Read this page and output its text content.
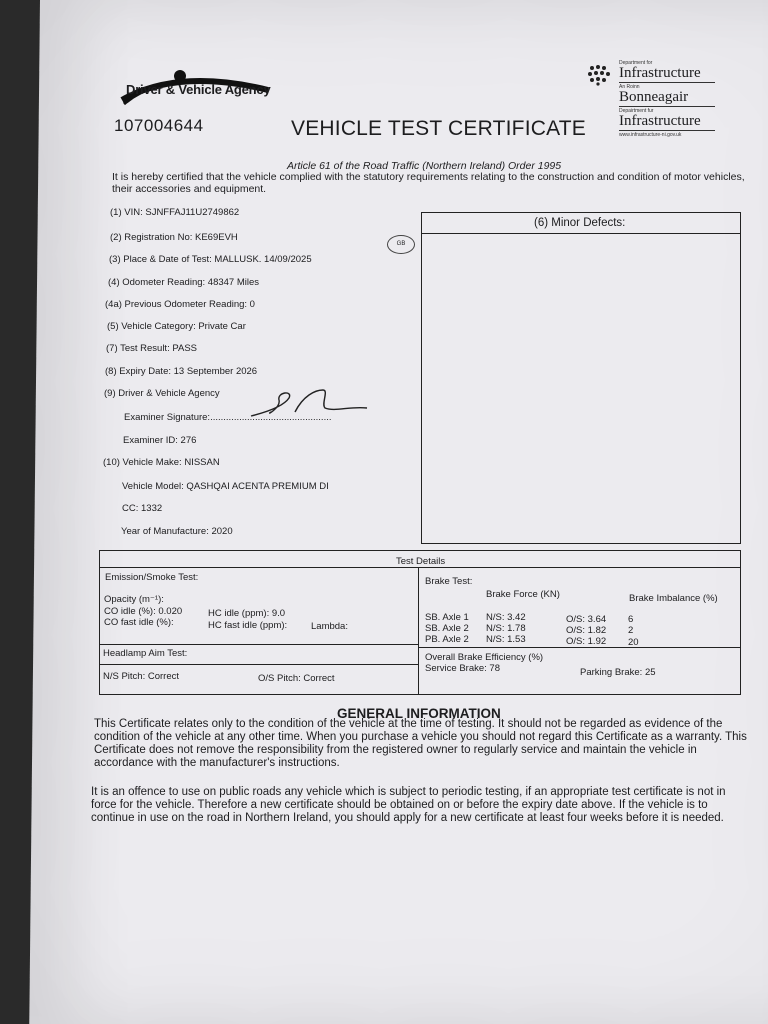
Driver & Vehicle Agency
107004644	VEHICLE TEST CERTIFICATE
Department for
Infrastructure
An Roinn
Bonneagair
Depairtment fur
Infrastructure
www.infrastructure-ni.gov.uk
Article 61 of the Road Traffic (Northern Ireland) Order 1995
It is hereby certified that the vehicle complied with the statutory requirements relating to the construction and condition of motor vehicles, their accessories and equipment.
(1) VIN: SJNFFAJ11U2749862
(2) Registration No: KE69EVH
(3) Place & Date of Test: MALLUSK. 14/09/2025
(4) Odometer Reading: 48347 Miles
(4a) Previous Odometer Reading: 0
(5) Vehicle Category: Private Car
(7) Test Result: PASS
(8) Expiry Date: 13 September 2026
(9) Driver & Vehicle Agency
Examiner Signature:..............................................
Examiner ID: 276
(10) Vehicle Make: NISSAN
Vehicle Model: QASHQAI ACENTA PREMIUM DI
CC: 1332
Year of Manufacture: 2020
GB
(6) Minor Defects:
Test Details
Emission/Smoke Test:
Opacity (m⁻¹):
CO idle (%): 0.020
CO fast idle (%):
HC idle (ppm): 9.0
HC fast idle (ppm):	Lambda:
Headlamp Aim Test:
N/S Pitch: Correct	O/S Pitch: Correct
Brake Test:
Brake Force (KN)	Brake Imbalance (%)
SB. Axle 1 N/S: 3.42	O/S: 3.64 6
SB. Axle 2 N/S: 1.78	O/S: 1.82 2
PB. Axle 2 N/S: 1.53	O/S: 1.92 20
Overall Brake Efficiency (%)
Service Brake: 78	Parking Brake: 25
GENERAL INFORMATION
This Certificate relates only to the condition of the vehicle at the time of testing. It should not be regarded as evidence of the
condition of the vehicle at any other time. When you purchase a vehicle you should not regard this Certificate as a warranty. This
Certificate does not remove the responsibility from the registered owner to regularly service and maintain the vehicle in
accordance with the manufacturer's instructions.
It is an offence to use on public roads any vehicle which is subject to periodic testing, if an appropriate test certificate is not in
force for the vehicle. Therefore a new certificate should be obtained on or before the expiry date above. If the vehicle is to
continue in use on the road in Northern Ireland, you should apply for a new certificate at least four weeks before it is needed.
